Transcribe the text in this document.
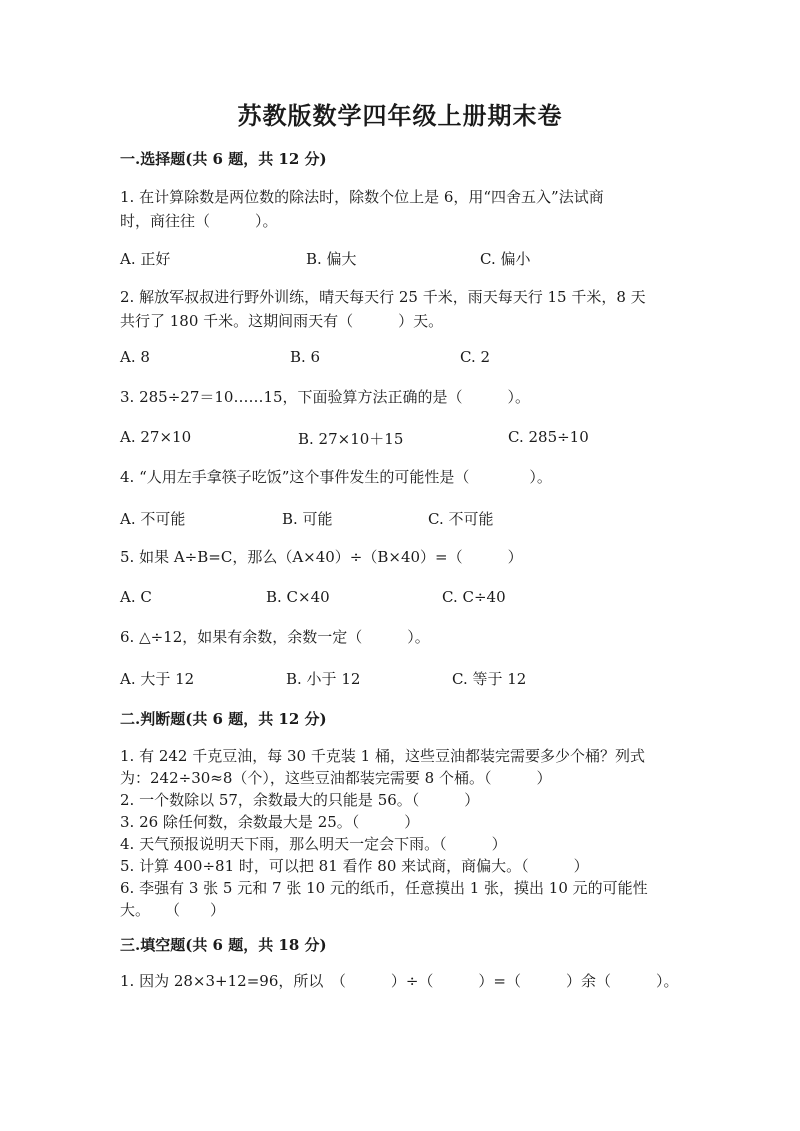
苏教版数学四年级上册期末卷
一.选择题(共 6 题，共 12 分)
1. 在计算除数是两位数的除法时，除数个位上是 6，用“四舍五入”法试商
时，商往往（　　　）。
A. 正好	B. 偏大	C. 偏小
2. 解放军叔叔进行野外训练，晴天每天行 25 千米，雨天每天行 15 千米，8 天
共行了 180 千米。这期间雨天有（　　　）天。
A. 8	B. 6	C. 2
3. 285÷27＝10……15，下面验算方法正确的是（　　　）。
A. 27×10	B. 27×10＋15	C. 285÷10
4. “人用左手拿筷子吃饭”这个事件发生的可能性是（　　　　）。
A. 不可能	B. 可能	C. 不可能
5. 如果 A÷B=C，那么（A×40）÷（B×40）=（　　　）
A. C	B. C×40	C. C÷40
6. △÷12，如果有余数，余数一定（　　　）。
A. 大于 12	B. 小于 12	C. 等于 12
二.判断题(共 6 题，共 12 分)
1. 有 242 千克豆油，每 30 千克装 1 桶，这些豆油都装完需要多少个桶？列式
为：242÷30≈8（个），这些豆油都装完需要 8 个桶。（　　　）
2. 一个数除以 57，余数最大的只能是 56。（　　　）
3. 26 除任何数，余数最大是 25。（　　　）
4. 天气预报说明天下雨，那么明天一定会下雨。（　　　）
5. 计算 400÷81 时，可以把 81 看作 80 来试商，商偏大。（　　　）
6. 李强有 3 张 5 元和 7 张 10 元的纸币，任意摸出 1 张，摸出 10 元的可能性
大。　　（　　）
三.填空题(共 6 题，共 18 分)
1. 因为 28×3+12=96，所以　（　　　）÷（　　　）=（　　　）余（　　　）。
